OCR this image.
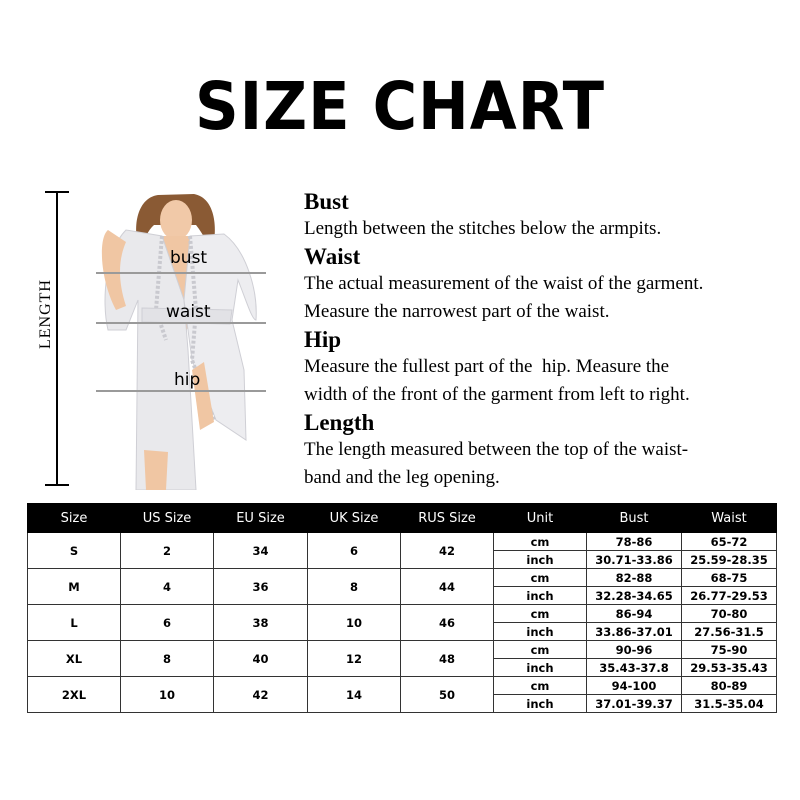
SIZE CHART
LENGTH
bust
waist
hip
Bust

Length between the stitches below the armpits.

Waist

The actual measurement of the waist of the garment.

Measure the narrowest part of the waist.

Hip

Measure the fullest part of the  hip. Measure the

width of the front of the garment from left to right.

Length

The length measured between the top of the waist-

band and the leg opening.

Size	US Size	EU Size	UK Size	RUS Size	Unit	Bust	Waist
S	2	34	6	42	cm	78-86	65-72
					inch	30.71-33.86	25.59-28.35
M	4	36	8	44	cm	82-88	68-75
					inch	32.28-34.65	26.77-29.53
L	6	38	10	46	cm	86-94	70-80
					inch	33.86-37.01	27.56-31.5
XL	8	40	12	48	cm	90-96	75-90
					inch	35.43-37.8	29.53-35.43
2XL	10	42	14	50	cm	94-100	80-89
					inch	37.01-39.37	31.5-35.04
